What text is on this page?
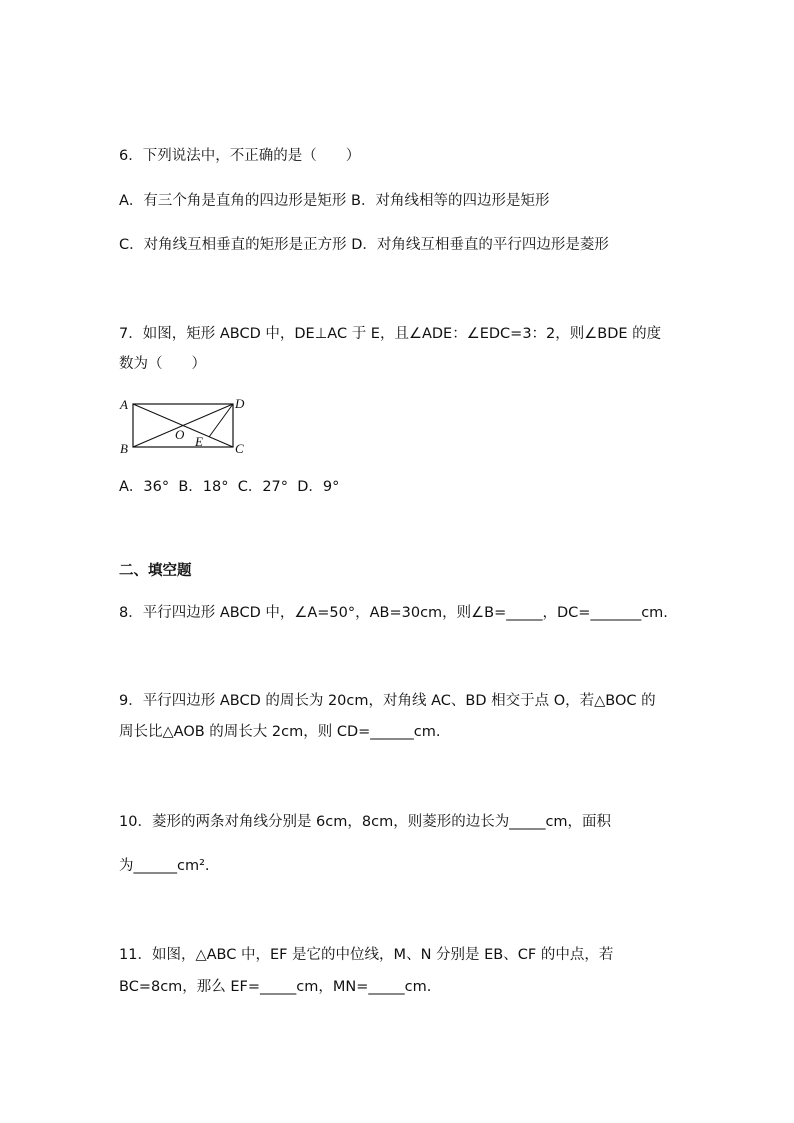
6．下列说法中，不正确的是（　　）
A．有三个角是直角的四边形是矩形 B．对角线相等的四边形是矩形
C．对角线互相垂直的矩形是正方形 D．对角线互相垂直的平行四边形是菱形
7．如图，矩形 ABCD 中，DE⊥AC 于 E，且∠ADE：∠EDC=3：2，则∠BDE 的度
数为（　　）
A
B	C
D
O E
A．36°  B．18°  C．27°  D．9°
二、填空题
8．平行四边形 ABCD 中，∠A=50°，AB=30cm，则∠B=_____，DC=_______cm.
9．平行四边形 ABCD 的周长为 20cm，对角线 AC、BD 相交于点 O，若△BOC 的
周长比△AOB 的周长大 2cm，则 CD=______cm.
10．菱形的两条对角线分别是 6cm，8cm，则菱形的边长为_____cm，面积
为______cm².
11．如图，△ABC 中，EF 是它的中位线，M、N 分别是 EB、CF 的中点，若
BC=8cm，那么 EF=_____cm，MN=_____cm.
